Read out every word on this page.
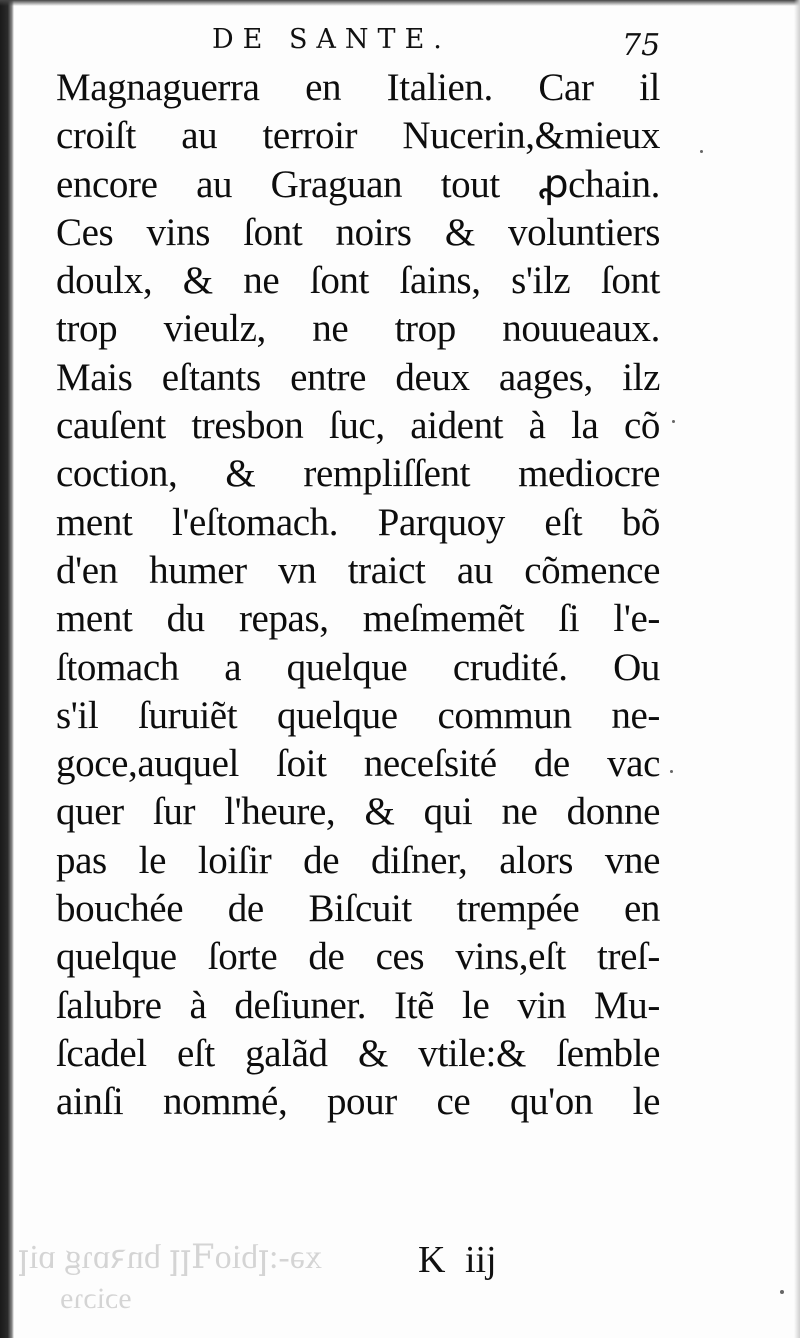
DE SANTE.	75
Magnaguerra en Italien. Car il
croiſt au terroir Nucerin,&mieux
encore au Graguan tout ꝓchain.
Ces vins ſont noirs & voluntiers
doulx, & ne ſont ſains, s'ilz ſont
trop vieulz, ne trop nouueaux.
Mais eſtants entre deux aages, ilz
cauſent tresbon ſuc, aident à la cõ
coction, & rempliſſent mediocre
ment l'eſtomach. Parquoy eſt bõ
d'en humer vn traict au cõmence
ment du repas, meſmemẽt ſi l'e-
ſtomach a quelque crudité. Ou
s'il ſuruiẽt quelque commun ne-
goce,auquel ſoit neceſsité de vac
quer ſur l'heure, & qui ne donne
pas le loiſir de diſner, alors vne
bouchée de Biſcuit trempée en
quelque ſorte de ces vins,eſt treſ-
ſalubre à deſiuner. Itẽ le vin Mu-
ſcadel eſt galãd & vtile:& ſemble
ainſi nommé, pour ce qu'on le
K iij
xə-:ꞁbioꟻꞁꞁ bnꝛɒɿg ɒiꞁ
ɘɔiɔɿɘ
